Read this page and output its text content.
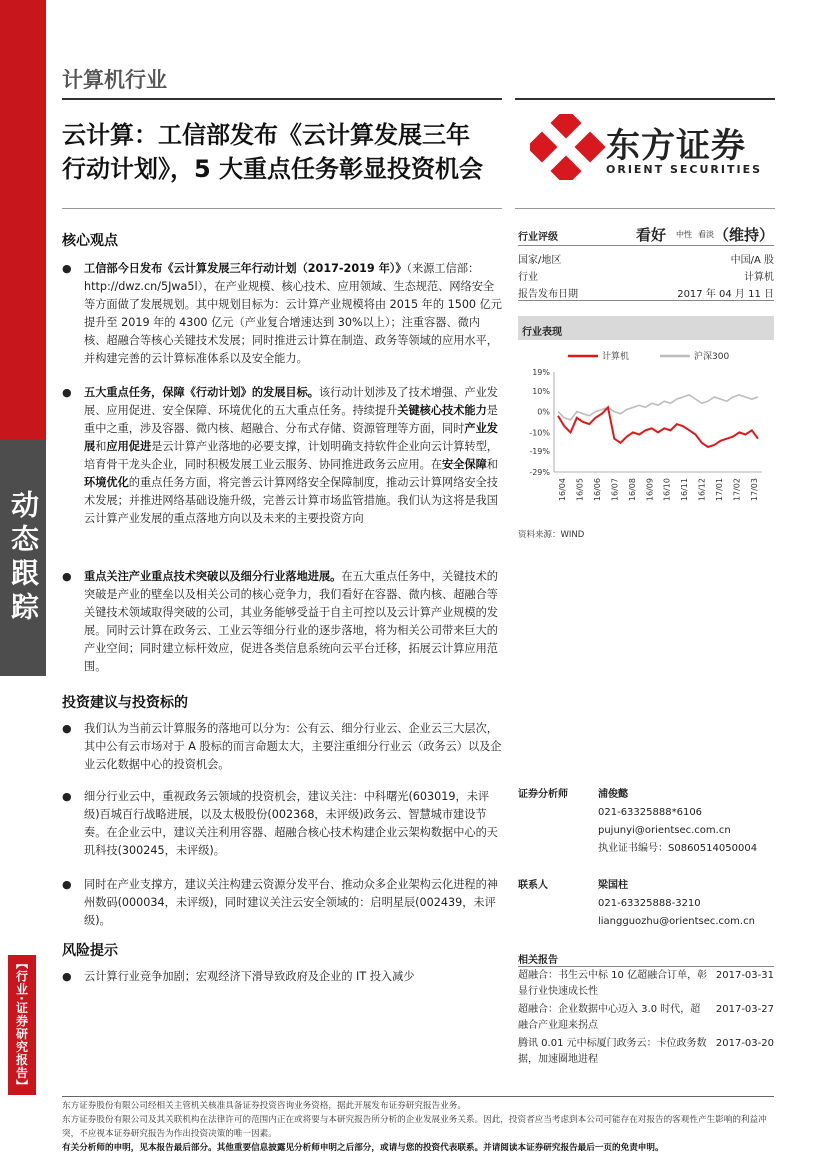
动态跟踪
【行业·证券研究报告】
计算机行业
云计算：工信部发布《云计算发展三年
行动计划》，5 大重点任务彰显投资机会
东方证券
ORIENT SECURITIES
核心观点
● 工信部今日发布《云计算发展三年行动计划（2017-2019 年）》（来源工信部：http://dwz.cn/5Jwa5l），在产业规模、核心技术、应用领域、生态规范、网络安全等方面做了发展规划。其中规划目标为：云计算产业规模将由 2015 年的 1500 亿元提升至 2019 年的 4300 亿元（产业复合增速达到 30%以上）；注重容器、微内核、超融合等核心关键技术发展；同时推进云计算在制造、政务等领域的应用水平，并构建完善的云计算标准体系以及安全能力。
● 五大重点任务，保障《行动计划》的发展目标。该行动计划涉及了技术增强、产业发展、应用促进、安全保障、环境优化的五大重点任务。持续提升关键核心技术能力是重中之重，涉及容器、微内核、超融合、分布式存储、资源管理等方面，同时产业发展和应用促进是云计算产业落地的必要支撑，计划明确支持软件企业向云计算转型，培育骨干龙头企业，同时积极发展工业云服务、协同推进政务云应用。在安全保障和环境优化的重点任务方面，将完善云计算网络安全保障制度，推动云计算网络安全技术发展；并推进网络基础设施升级，完善云计算市场监管措施。我们认为这将是我国云计算产业发展的重点落地方向以及未来的主要投资方向
● 重点关注产业重点技术突破以及细分行业落地进展。在五大重点任务中，关键技术的突破是产业的壁垒以及相关公司的核心竞争力，我们看好在容器、微内核、超融合等关键技术领域取得突破的公司，其业务能够受益于自主可控以及云计算产业规模的发展。同时云计算在政务云、工业云等细分行业的逐步落地，将为相关公司带来巨大的产业空间；同时建立标杆效应，促进各类信息系统向云平台迁移，拓展云计算应用范围。
投资建议与投资标的
● 我们认为当前云计算服务的落地可以分为：公有云、细分行业云、企业云三大层次，其中公有云市场对于 A 股标的而言命题太大，主要注重细分行业云（政务云）以及企业云化数据中心的投资机会。
● 细分行业云中，重视政务云领域的投资机会，建议关注：中科曙光(603019，未评级)百城百行战略进展，以及太极股份(002368，未评级)政务云、智慧城市建设节奏。在企业云中，建议关注利用容器、超融合核心技术构建企业云架构数据中心的天玑科技(300245，未评级)。
● 同时在产业支撑方，建议关注构建云资源分发平台、推动众多企业架构云化进程的神州数码(000034，未评级)，同时建议关注云安全领域的：启明星辰(002439，未评级)。
风险提示
● 云计算行业竞争加剧；宏观经济下滑导致政府及企业的 IT 投入减少
行业评级	看好 中性 看淡 （维持）
国家/地区	中国/A 股
行业	计算机
报告发布日期	2017 年 04 月 11 日
行业表现
计算机	沪深300
19%
10%
0%
-10%
-19%
-29%
16/04 16/05 16/06 16/07 16/08 16/09 16/10 16/11 16/12 17/01 17/02 17/03
资料来源：WIND
证券分析师	浦俊懿
021-63325888*6106
pujunyi@orientsec.com.cn
执业证书编号：S0860514050004
联系人	梁国柱
021-63325888-3210
liangguozhu@orientsec.com.cn
相关报告
超融合：书生云中标 10 亿超融合订单，彰显行业快速成长性
2017-03-31
超融合：企业数据中心迈入 3.0 时代，超融合产业迎来拐点
2017-03-27
腾讯 0.01 元中标厦门政务云：卡位政务数据，加速圈地进程
2017-03-20
东方证券股份有限公司经相关主管机关核准具备证券投资咨询业务资格，据此开展发布证券研究报告业务。
东方证券股份有限公司及其关联机构在法律许可的范围内正在或将要与本研究报告所分析的企业发展业务关系。因此，投资者应当考虑到本公司可能存在对报告的客观性产生影响的利益冲突，不应视本证券研究报告为作出投资决策的唯一因素。
有关分析师的申明，见本报告最后部分。其他重要信息披露见分析师申明之后部分，或请与您的投资代表联系。并请阅读本证券研究报告最后一页的免责申明。
